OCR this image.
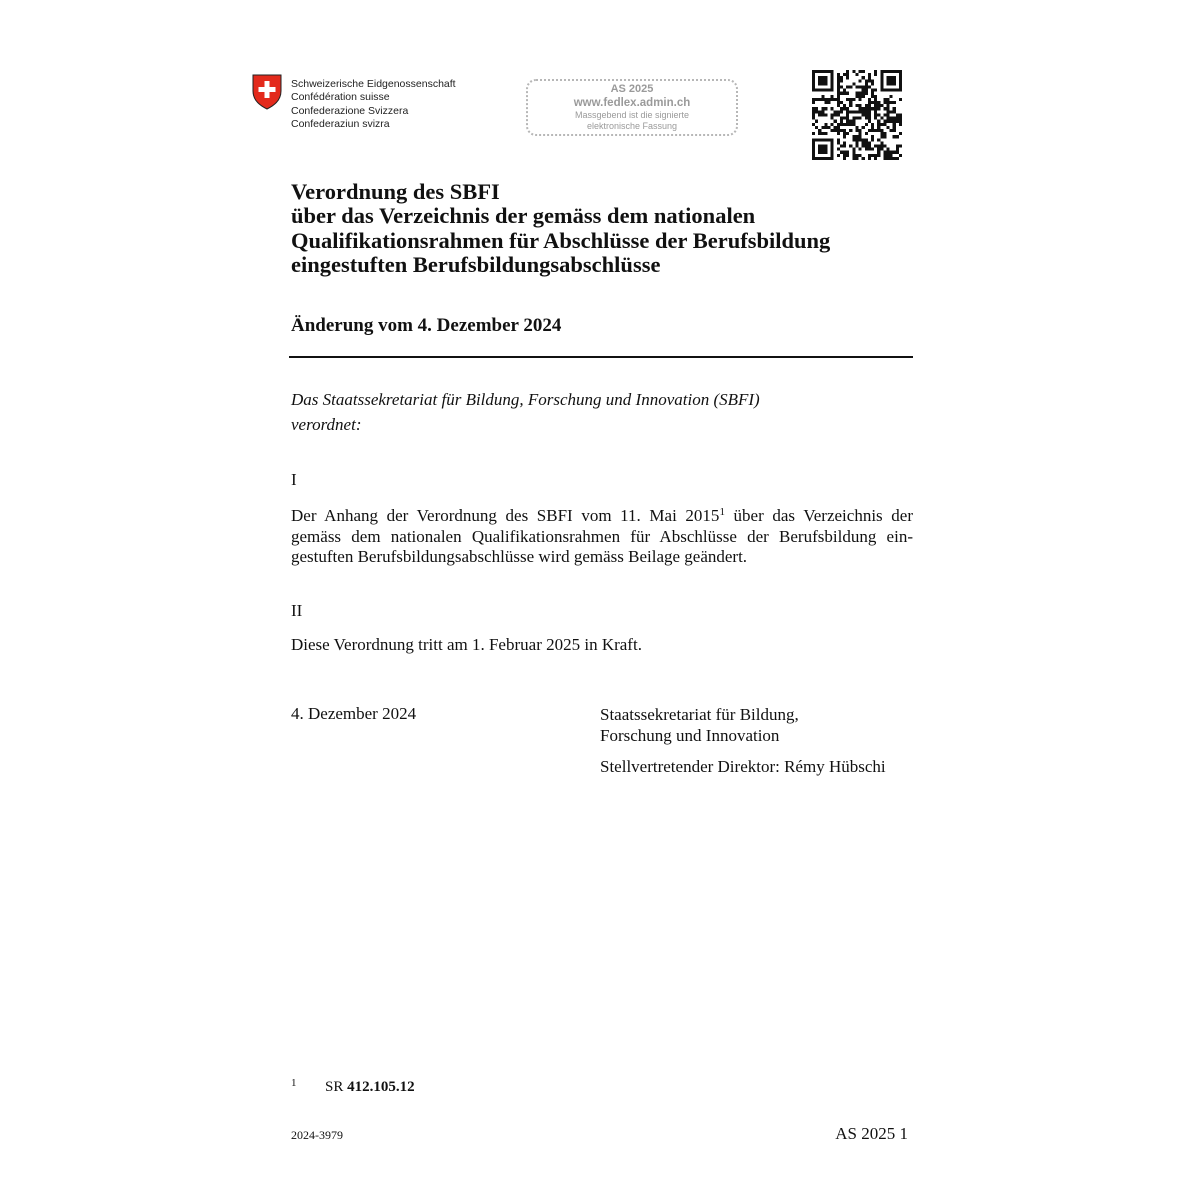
Schweizerische Eidgenossenschaft
Confédération suisse
Confederazione Svizzera
Confederaziun svizra
AS 2025
www.fedlex.admin.ch
Massgebend ist die signierte
elektronische Fassung
Verordnung des SBFI
über das Verzeichnis der gemäss dem nationalen
Qualifikationsrahmen für Abschlüsse der Berufsbildung
eingestuften Berufsbildungsabschlüsse
Änderung vom 4. Dezember 2024
Das Staatssekretariat für Bildung, Forschung und Innovation (SBFI)
verordnet:
I
Der Anhang der Verordnung des SBFI vom 11. Mai 2015$^1$ über das Verzeichnis der
gemäss dem nationalen Qualifikationsrahmen für Abschlüsse der Berufsbildung ein-
gestuften Berufsbildungsabschlüsse wird gemäss Beilage geändert.
II
Diese Verordnung tritt am 1. Februar 2025 in Kraft.
4. Dezember 2024	Staatssekretariat für Bildung,
Forschung und Innovation
Stellvertretender Direktor: Rémy Hübschi
1 SR 412.105.12
2024-3979	AS 2025 1
